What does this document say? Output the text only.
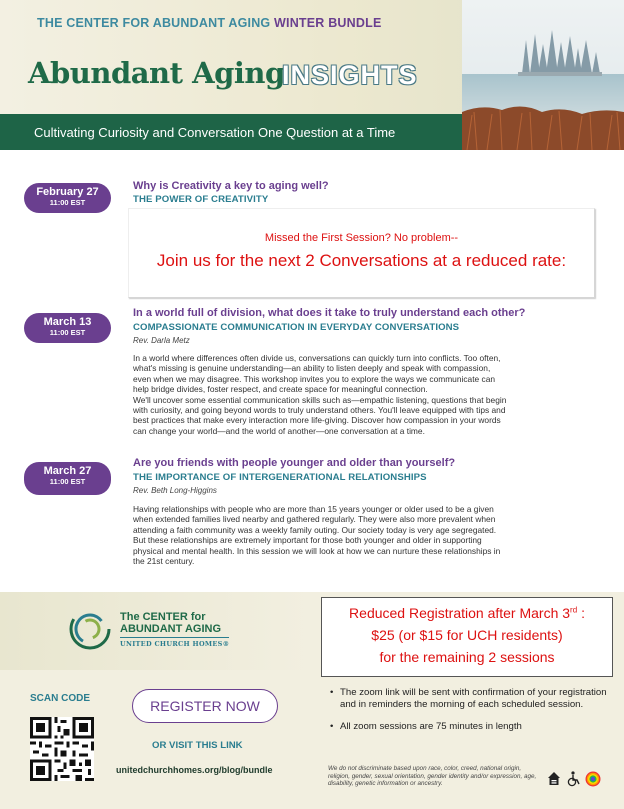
THE CENTER FOR ABUNDANT AGING WINTER BUNDLE
Abundant Aging
INSIGHTS
Cultivating Curiosity and Conversation One Question at a Time
February 27
11:00 EST
Why is Creativity a key to aging well?
THE POWER OF CREATIVITY
Missed the First Session? No problem--
Join us for the next 2 Conversations at a reduced rate:
March 13
11:00 EST
In a world full of division, what does it take to truly understand each other?
COMPASSIONATE COMMUNICATION IN EVERYDAY CONVERSATIONS
Rev. Darla Metz
In a world where differences often divide us, conversations can quickly turn into conflicts. Too often,
what's missing is genuine understanding—an ability to listen deeply and speak with compassion,
even when we may disagree. This workshop invites you to explore the ways we communicate can
help bridge divides, foster respect, and create space for meaningful connection.
We'll uncover some essential communication skills such as—empathic listening, questions that begin
with curiosity, and going beyond words to truly understand others. You'll leave equipped with tips and
best practices that make every interaction more life-giving. Discover how compassion in your words
can change your world—and the world of another—one conversation at a time.
March 27
11:00 EST
Are you friends with people younger and older than yourself?
THE IMPORTANCE OF INTERGENERATIONAL RELATIONSHIPS
Rev. Beth Long-Higgins
Having relationships with people who are more than 15 years younger or older used to be a given
when extended families lived nearby and gathered regularly. They were also more prevalent when
attending a faith community was a weekly family outing. Our society today is very age segregated.
But these relationships are extremely important for those both younger and older in supporting
physical and mental health. In this session we will look at how we can nurture these relationships in
the 21st century.
The CENTER for
ABUNDANT AGING
UNITED CHURCH HOMES®
Reduced Registration after March 3rd :
$25 (or $15 for UCH residents)
for the remaining 2 sessions
SCAN CODE	REGISTER NOW
OR VISIT THIS LINK
unitedchurchhomes.org/blog/bundle
• The zoom link will be sent with confirmation of your registration and in reminders the morning of each scheduled session.
• All zoom sessions are 75 minutes in length
We do not discriminate based upon race, color, creed, national origin, religion, gender, sexual orientation, gender identity and/or expression, age, disability, genetic information or ancestry.
